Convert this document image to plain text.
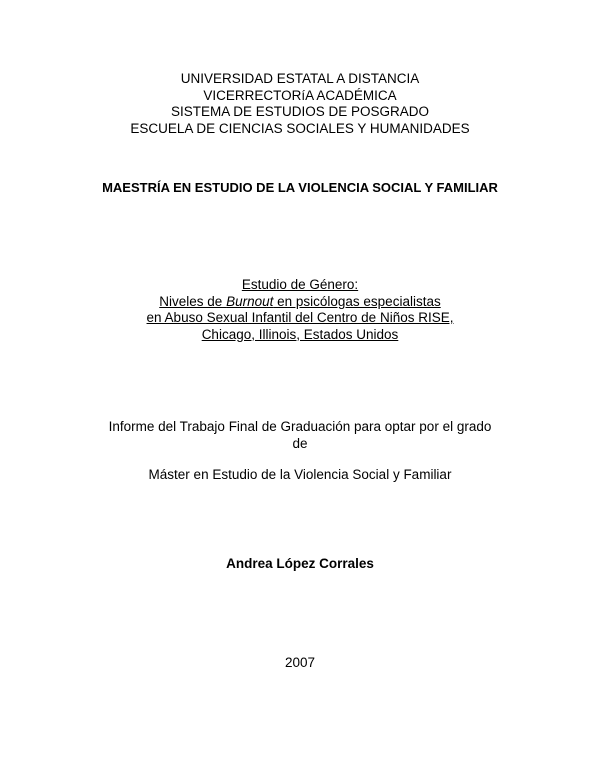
UNIVERSIDAD ESTATAL A DISTANCIA
VICERRECTORíA ACADÉMICA
SISTEMA DE ESTUDIOS DE POSGRADO
ESCUELA DE CIENCIAS SOCIALES Y HUMANIDADES
MAESTRÍA EN ESTUDIO DE LA VIOLENCIA SOCIAL Y FAMILIAR
Estudio de Género:
Niveles de Burnout en psicólogas especialistas
en Abuso Sexual Infantil del Centro de Niños RISE,
Chicago, Illinois, Estados Unidos
Informe del Trabajo Final de Graduación para optar por el grado
de
Máster en Estudio de la Violencia Social y Familiar
Andrea López Corrales
2007
